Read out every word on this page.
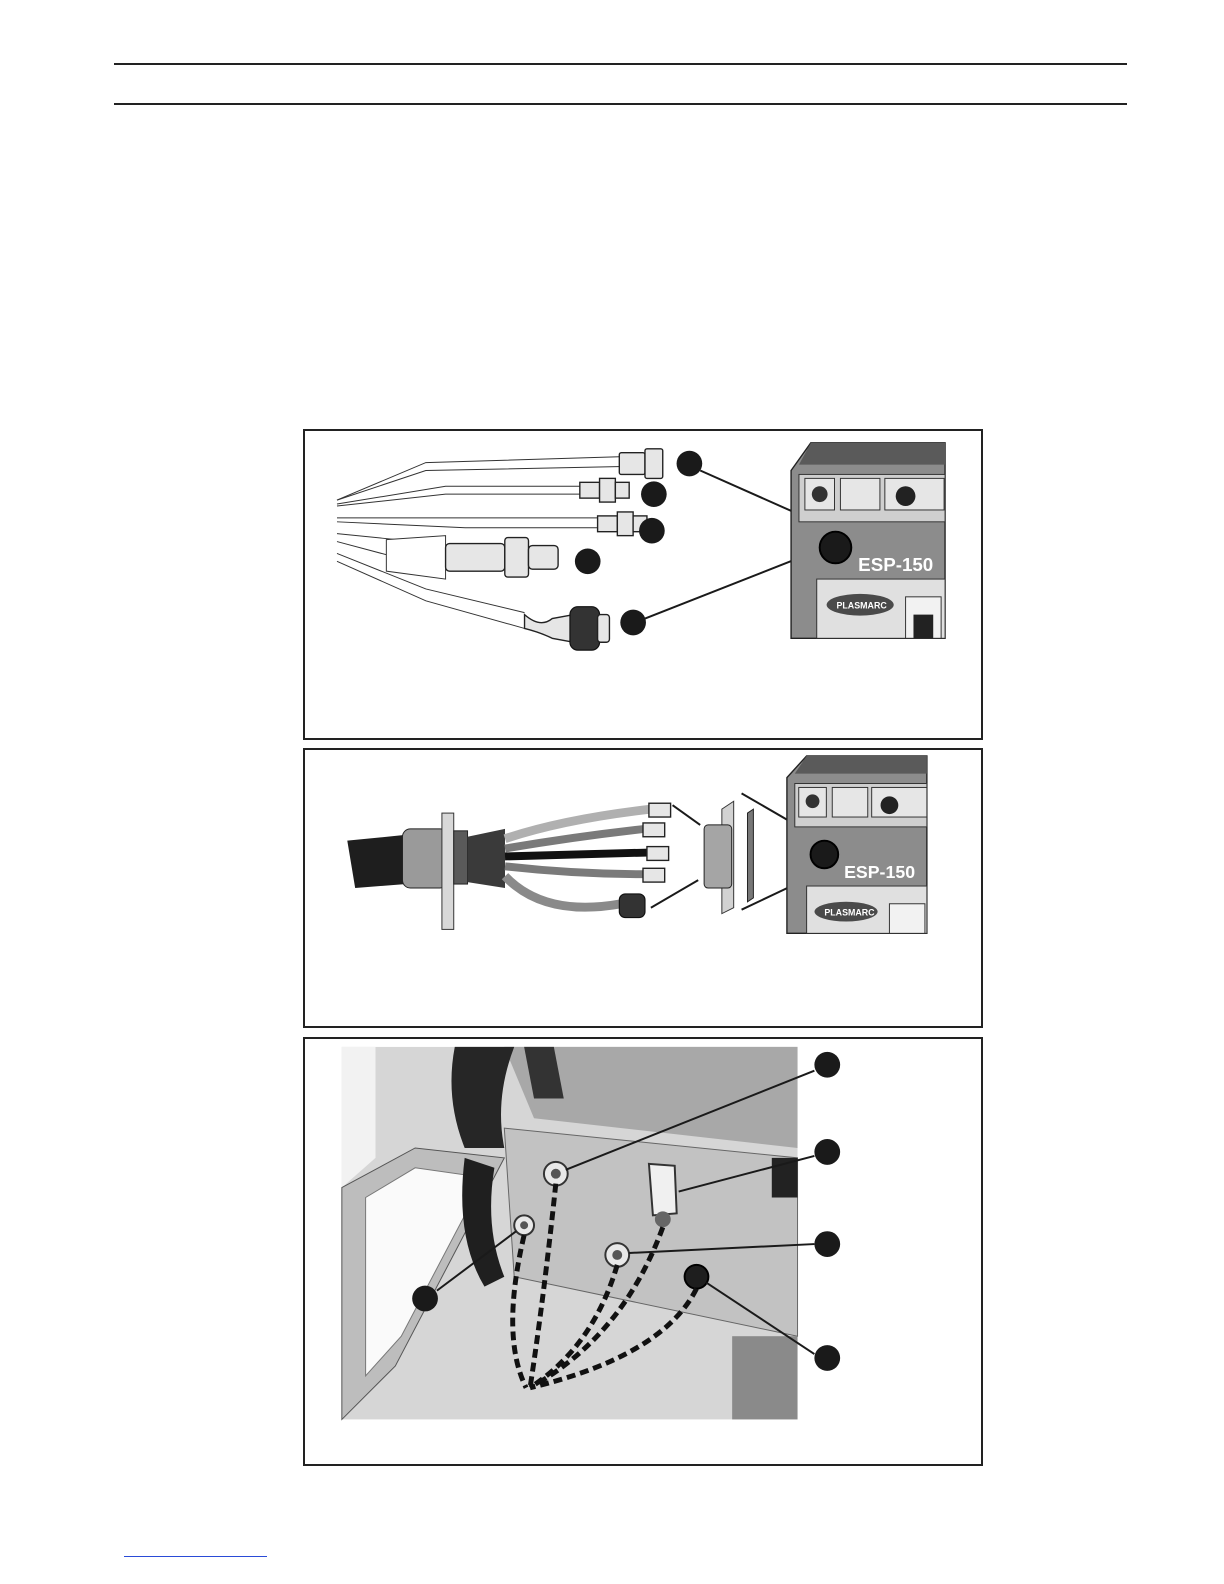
ESP-150
PLASMARC
ESP-150
PLASMARC
